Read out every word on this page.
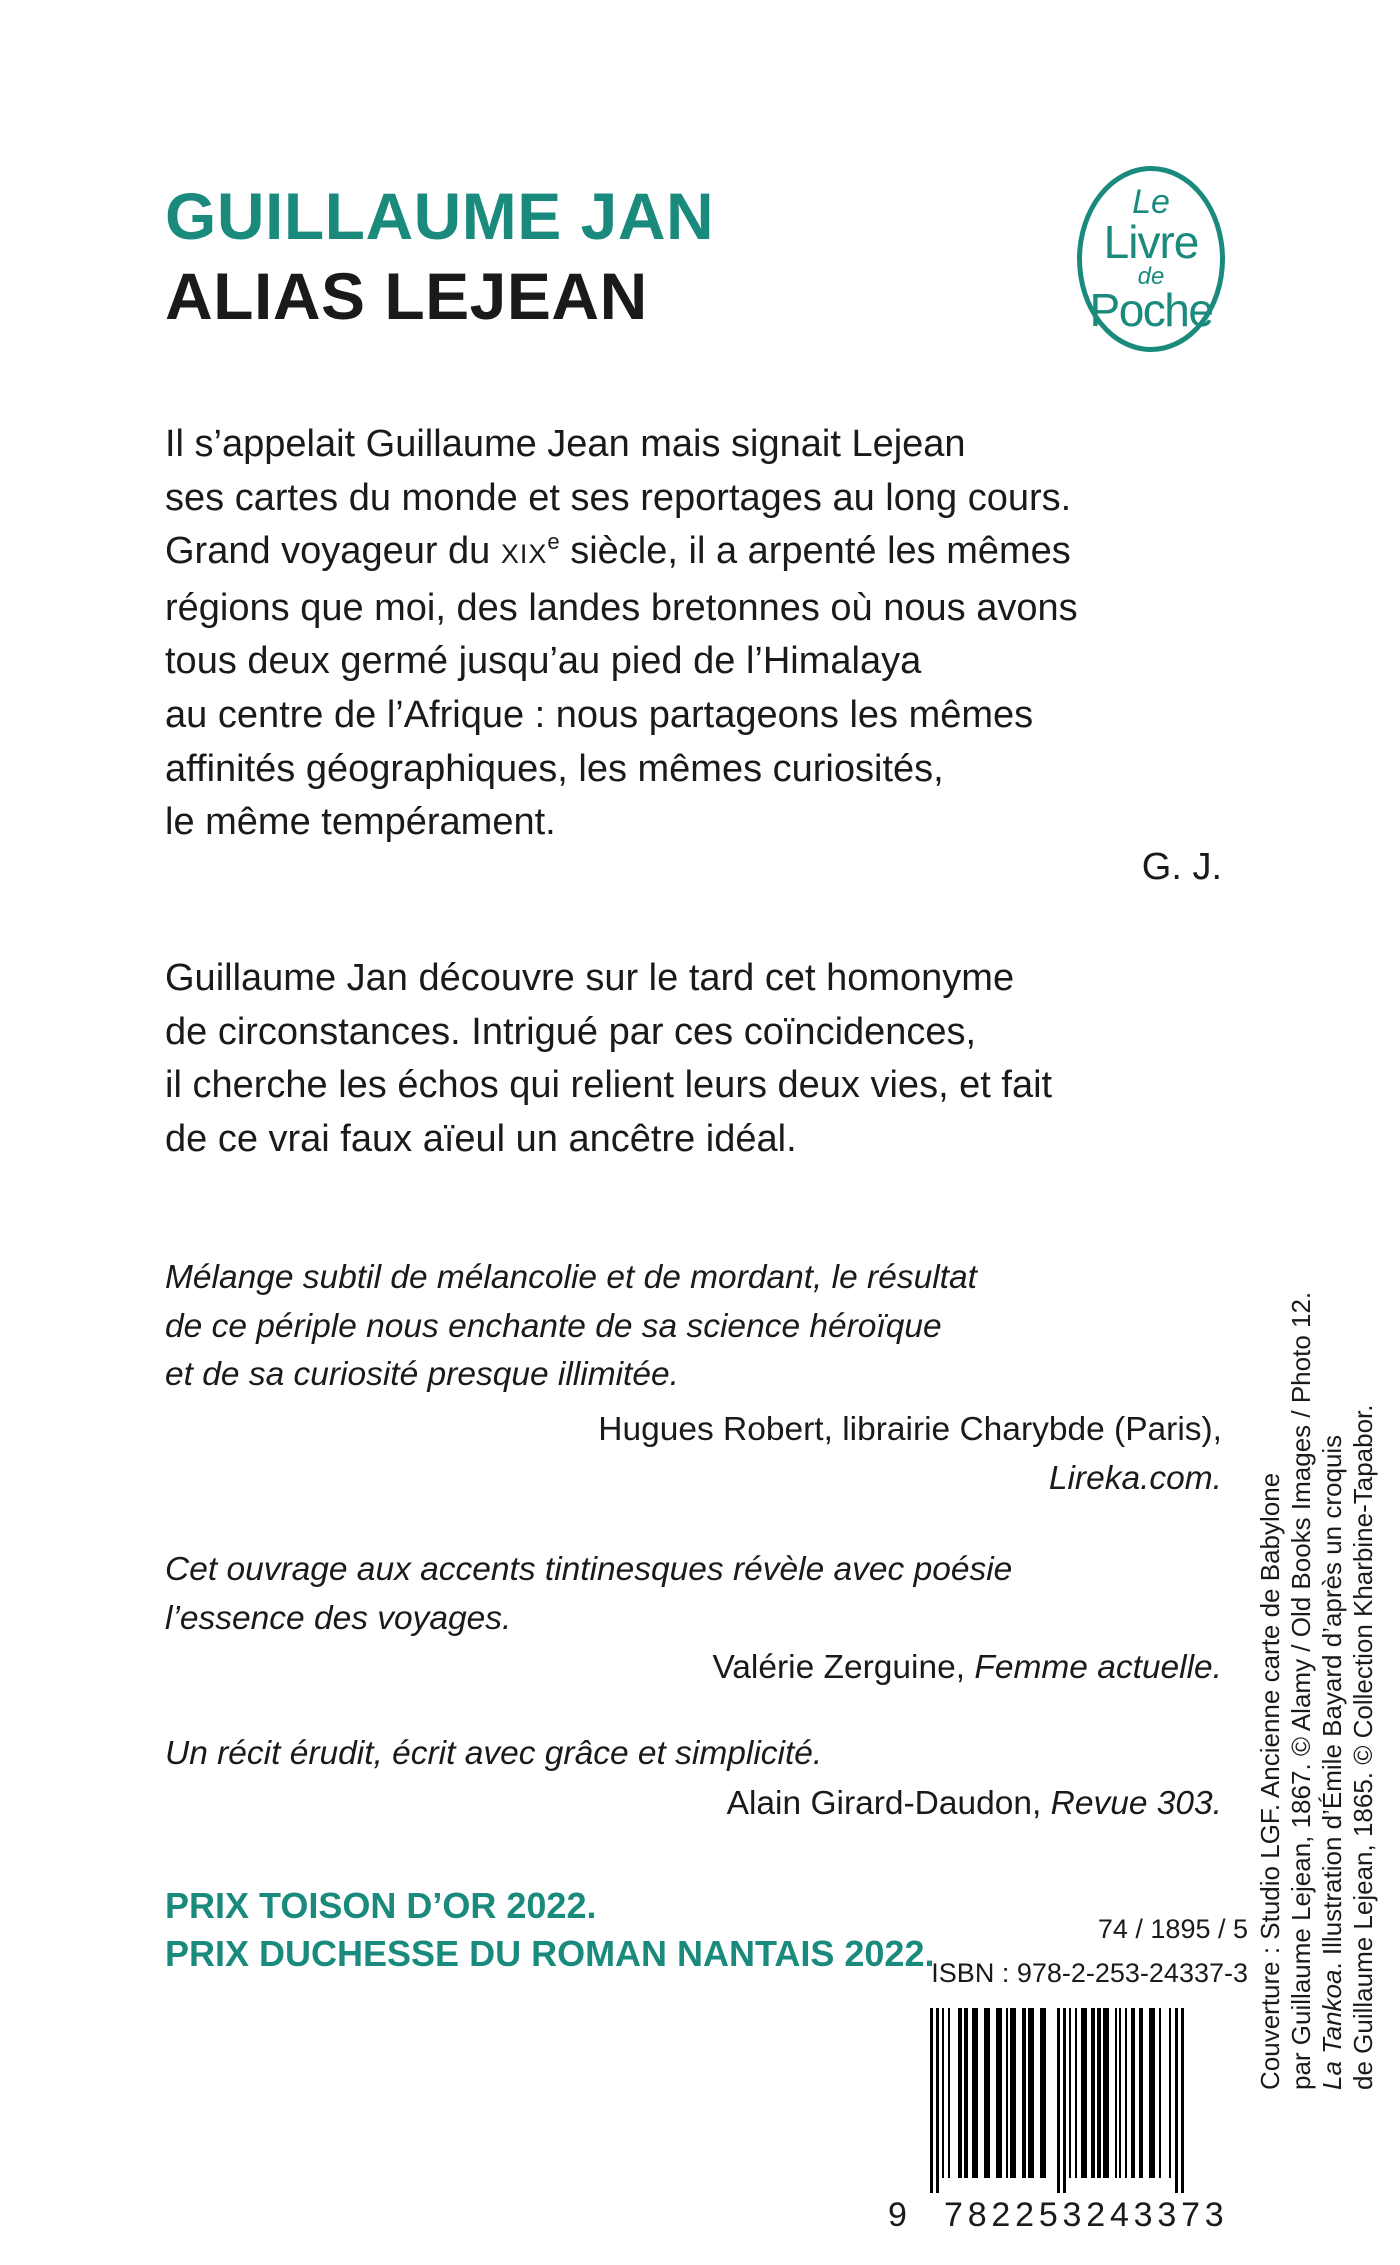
GUILLAUME JAN
ALIAS LEJEAN
Le
Livre
de
Poche

Il s’appelait Guillaume Jean mais signait Lejean
ses cartes du monde et ses reportages au long cours.
Grand voyageur du XIXe siècle, il a arpenté les mêmes
régions que moi, des landes bretonnes où nous avons
tous deux germé jusqu’au pied de l’Himalaya
au centre de l’Afrique : nous partageons les mêmes
affinités géographiques, les mêmes curiosités,
le même tempérament.

G. J.

Guillaume Jan découvre sur le tard cet homonyme
de circonstances. Intrigué par ces coïncidences,
il cherche les échos qui relient leurs deux vies, et fait
de ce vrai faux aïeul un ancêtre idéal.

Mélange subtil de mélancolie et de mordant, le résultat
de ce périple nous enchante de sa science héroïque
et de sa curiosité presque illimitée.

Hugues Robert, librairie Charybde (Paris),
Lireka.com.

Cet ouvrage aux accents tintinesques révèle avec poésie
l’essence des voyages.

Valérie Zerguine, Femme actuelle.

Un récit érudit, écrit avec grâce et simplicité.

Alain Girard-Daudon, Revue 303.

PRIX TOISON D’OR 2022.

PRIX DUCHESSE DU ROMAN NANTAIS 2022.

74 / 1895 / 5

ISBN : 978-2-253-24337-3

9 782253243373

Couverture : Studio LGF. Ancienne carte de Babylone par Guillaume Lejean, 1867. © Alamy / Old Books Images / Photo 12. La Tankoa. Illustration d’Émile Bayard d’après un croquis de Guillaume Lejean, 1865. © Collection Kharbine-Tapabor.
